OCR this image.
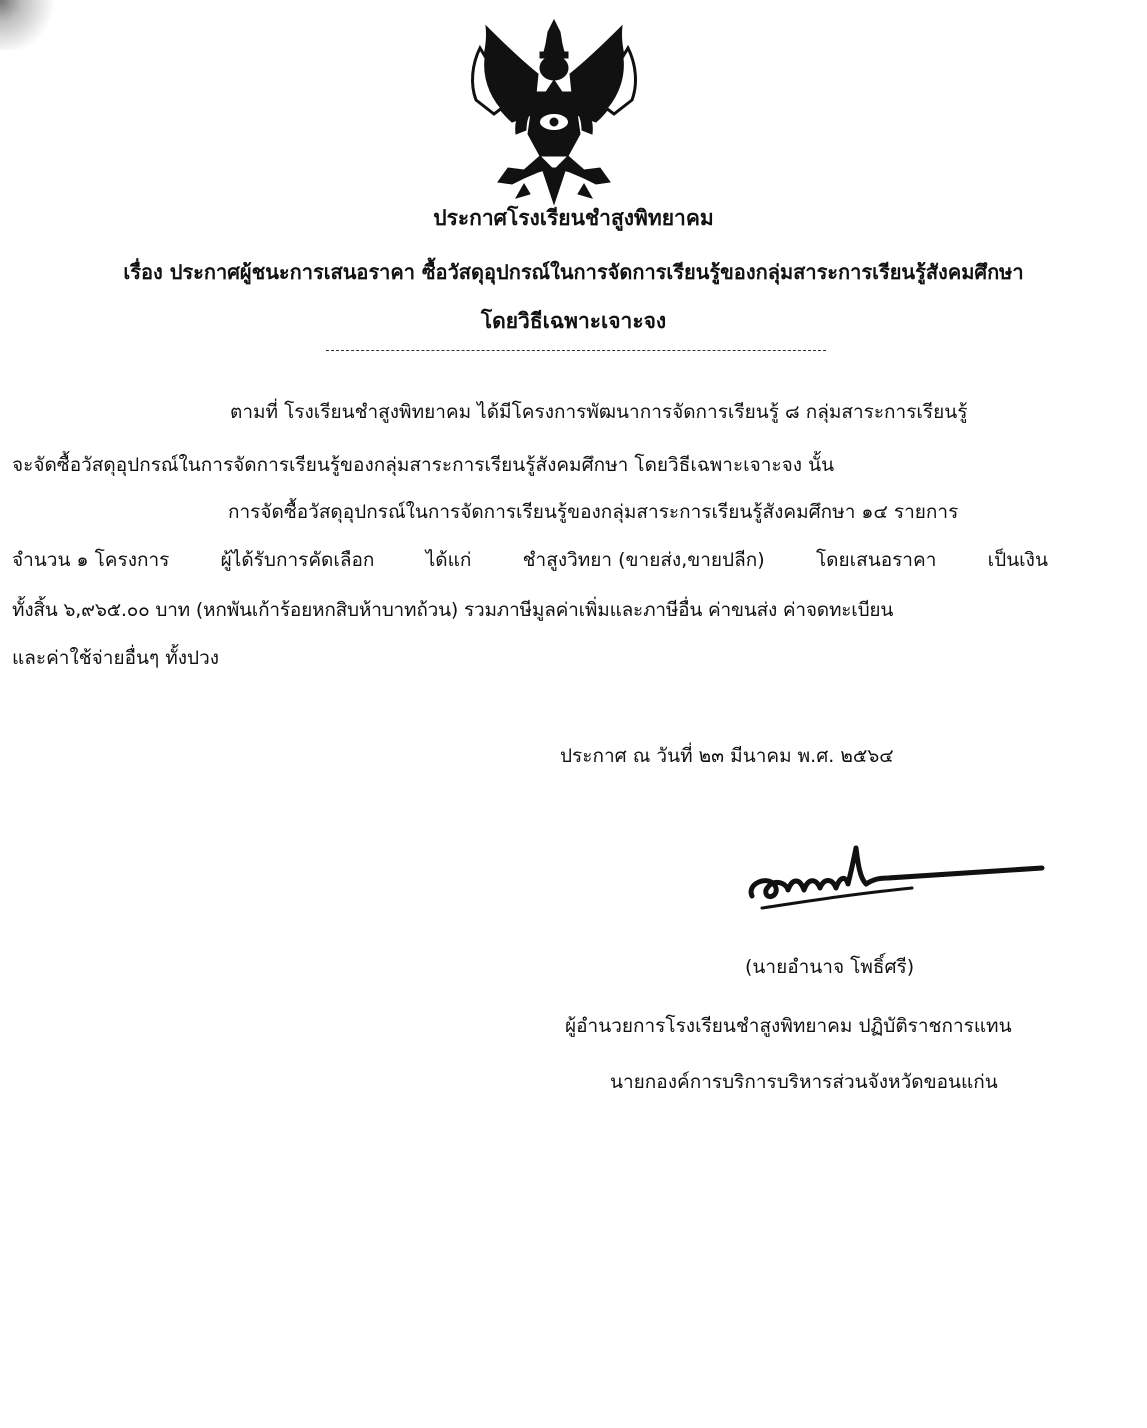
ประกาศโรงเรียนชำสูงพิทยาคม
เรื่อง ประกาศผู้ชนะการเสนอราคา ซื้อวัสดุอุปกรณ์ในการจัดการเรียนรู้ของกลุ่มสาระการเรียนรู้สังคมศึกษา
โดยวิธีเฉพาะเจาะจง
ตามที่ โรงเรียนชำสูงพิทยาคม ได้มีโครงการพัฒนาการจัดการเรียนรู้ ๘ กลุ่มสาระการเรียนรู้
จะจัดซื้อวัสดุอุปกรณ์ในการจัดการเรียนรู้ของกลุ่มสาระการเรียนรู้สังคมศึกษา โดยวิธีเฉพาะเจาะจง นั้น
การจัดซื้อวัสดุอุปกรณ์ในการจัดการเรียนรู้ของกลุ่มสาระการเรียนรู้สังคมศึกษา ๑๔ รายการ
จำนวน ๑ โครงการ	ผู้ได้รับการคัดเลือก	ได้แก่	ชำสูงวิทยา (ขายส่ง,ขายปลีก)	โดยเสนอราคา	เป็นเงิน
ทั้งสิ้น ๖,๙๖๕.๐๐ บาท (หกพันเก้าร้อยหกสิบห้าบาทถ้วน) รวมภาษีมูลค่าเพิ่มและภาษีอื่น ค่าขนส่ง ค่าจดทะเบียน
และค่าใช้จ่ายอื่นๆ ทั้งปวง
ประกาศ ณ วันที่ ๒๓ มีนาคม พ.ศ. ๒๕๖๔
(นายอำนาจ โพธิ์ศรี)
ผู้อำนวยการโรงเรียนชำสูงพิทยาคม ปฏิบัติราชการแทน
นายกองค์การบริการบริหารส่วนจังหวัดขอนแก่น
